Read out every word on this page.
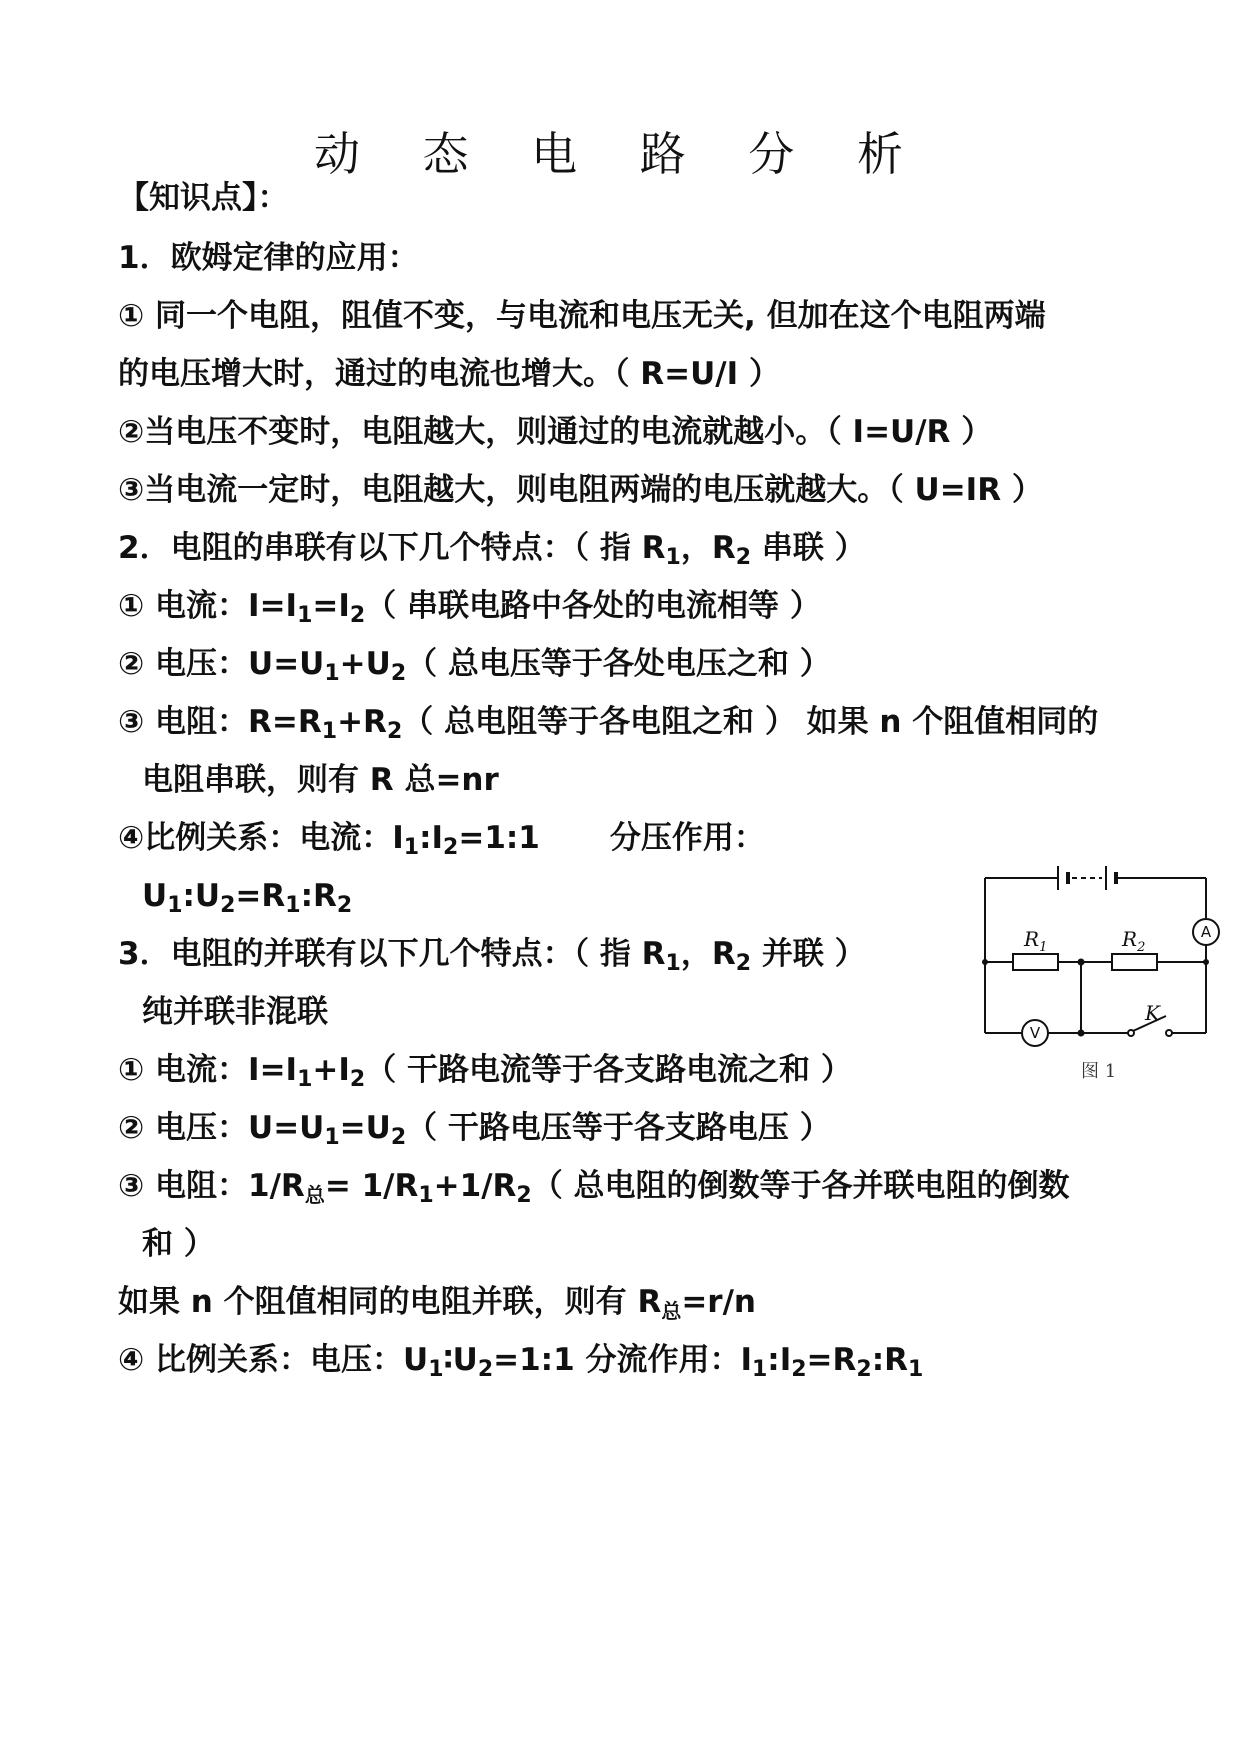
动 态 电 路 分 析
【知识点】：
1．欧姆定律的应用：
① 同一个电阻，阻值不变，与电流和电压无关, 但加在这个电阻两端
的电压增大时，通过的电流也增大。（ R=U/I ）
②当电压不变时，电阻越大，则通过的电流就越小。（ I=U/R ）
③当电流一定时，电阻越大，则电阻两端的电压就越大。（ U=IR ）
2．电阻的串联有以下几个特点：（ 指 $R_1$，$R_2$ 串联 ）
① 电流：$I=I_1=I_2$（ 串联电路中各处的电流相等 ）
② 电压：$U=U_1+U_2$（ 总电压等于各处电压之和 ）
③ 电阻：$R=R_1+R_2$（ 总电阻等于各电阻之和 ） 如果 n 个阻值相同的
电阻串联，则有 R 总=nr
④比例关系：电流：$I_1:I_2=1:1$ 分压作用：
$U_1:U_2=R_1:R_2$
3．电阻的并联有以下几个特点：（ 指 $R_1$，$R_2$ 并联 ）
纯并联非混联
① 电流：$I=I_1+I_2$（ 干路电流等于各支路电流之和 ）
② 电压：$U=U_1=U_2$（ 干路电压等于各支路电压 ）
③ 电阻：1/R总= $1/R_1+1/R_2$（ 总电阻的倒数等于各并联电阻的倒数
和 ）
如果 n 个阻值相同的电阻并联，则有 R总=r/n
④ 比例关系：电压：$U_1∶U_2=1:1$ 分流作用：$I_1:I_2=R_2:R_1$
$R_1$	$R_2$
K
A
V
图 1
